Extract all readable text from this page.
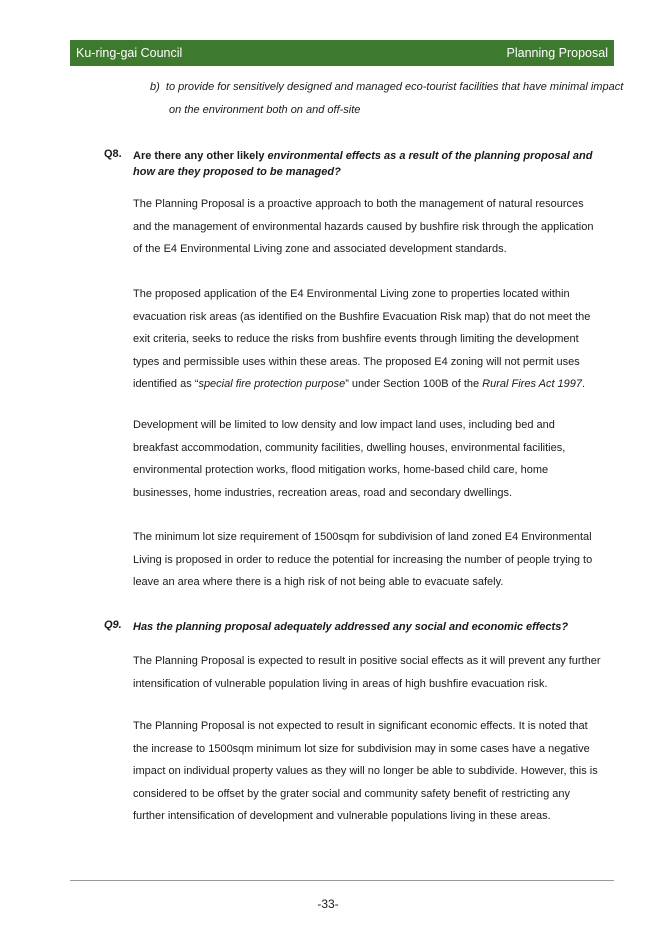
Ku-ring-gai Council	Planning Proposal

b) to provide for sensitively designed and managed eco-tourist facilities that have minimal impact on the environment both on and off-site

Q8. Are there any other likely environmental effects as a result of the planning proposal and how are they proposed to be managed?

The Planning Proposal is a proactive approach to both the management of natural resources and the management of environmental hazards caused by bushfire risk through the application of the E4 Environmental Living zone and associated development standards.

The proposed application of the E4 Environmental Living zone to properties located within evacuation risk areas (as identified on the Bushfire Evacuation Risk map) that do not meet the exit criteria, seeks to reduce the risks from bushfire events through limiting the development types and permissible uses within these areas. The proposed E4 zoning will not permit uses identified as “special fire protection purpose” under Section 100B of the Rural Fires Act 1997.

Development will be limited to low density and low impact land uses, including bed and breakfast accommodation, community facilities, dwelling houses, environmental facilities, environmental protection works, flood mitigation works, home-based child care, home businesses, home industries, recreation areas, road and secondary dwellings.

The minimum lot size requirement of 1500sqm for subdivision of land zoned E4 Environmental Living is proposed in order to reduce the potential for increasing the number of people trying to leave an area where there is a high risk of not being able to evacuate safely.

Q9. Has the planning proposal adequately addressed any social and economic effects?

The Planning Proposal is expected to result in positive social effects as it will prevent any further intensification of vulnerable population living in areas of high bushfire evacuation risk.

The Planning Proposal is not expected to result in significant economic effects. It is noted that the increase to 1500sqm minimum lot size for subdivision may in some cases have a negative impact on individual property values as they will no longer be able to subdivide. However, this is considered to be offset by the grater social and community safety benefit of restricting any further intensification of development and vulnerable populations living in these areas.

-33-
